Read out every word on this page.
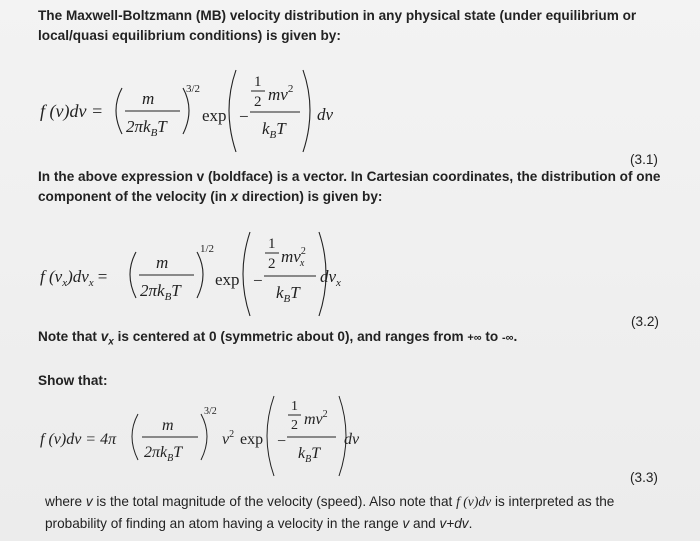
The Maxwell-Boltzmann (MB) velocity distribution in any physical state (under equilibrium or
local/quasi equilibrium conditions) is given by:
f (v)dv =
m
$2\pi k_BT$
3/2
exp −
1
2 $mv^2$
$k_BT$
dv
(3.1)
In the above expression v (boldface) is a vector. In Cartesian coordinates, the distribution of one
component of the velocity (in x direction) is given by:
f $(v_x)dv_x$ =
m
$2\pi k_BT$
1/2
exp −
1
2 $mv^2$ x
$k_BT$
$dv_x$
(3.2)
Note that $v_x$ is centered at 0 (symmetric about 0), and ranges from +∞ to -∞.
Show that:
f (v)dv = 4π
m
$2\pi k_BT$
3/2
$v^2$ exp −
1
2 $mv^2$
$k_BT$
dv
(3.3)
where v is the total magnitude of the velocity (speed). Also note that f (v)dv is interpreted as the
probability of finding an atom having a velocity in the range v and v+dv.
